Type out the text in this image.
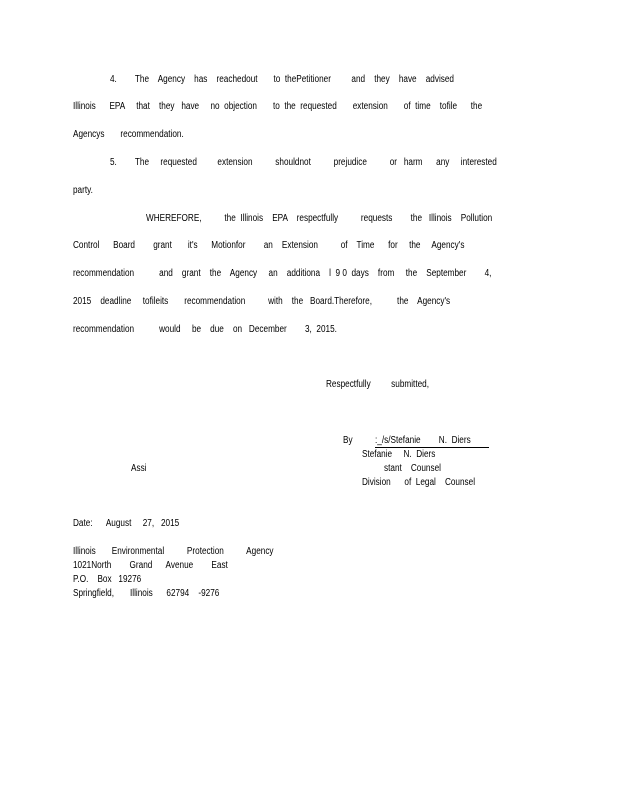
4.        The    Agency    has    reachedout       to  thePetitioner         and    they    have    advised
Illinois      EPA     that    they   have     no  objection       to  the  requested       extension       of  time    tofile      the
Agencys       recommendation.
5.        The     requested         extension          shouldnot          prejudice          or   harm      any     interested
party.
WHEREFORE,          the  Illinois    EPA    respectfully          requests        the   Illinois    Pollution
Control      Board        grant       it's      Motionfor        an    Extension          of    Time      for     the     Agency's
recommendation           and    grant    the    Agency     an    additiona    l  9 0  days    from     the    September        4,
2015    deadline     tofileits       recommendation          with    the   Board.Therefore,           the    Agency's
recommendation           would     be    due    on   December        3,  2015.
Respectfully         submitted,
By :_/s/Stefanie        N.  Diers
Stefanie     N.  Diers
Assi	stant    Counsel
Division      of  Legal    Counsel
Date:      August     27,   2015
Illinois       Environmental          Protection          Agency
1021North        Grand      Avenue        East
P.O.    Box   19276
Springfield,       Illinois      62794    -9276
